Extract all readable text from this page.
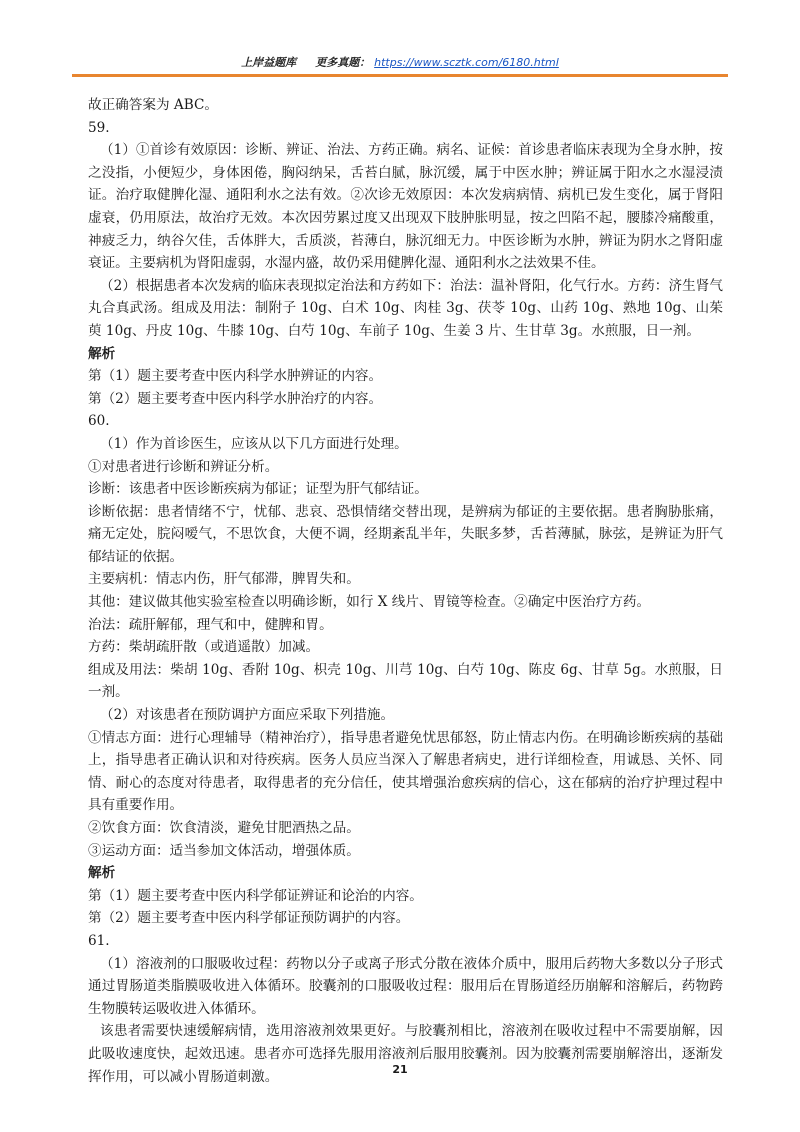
上岸益题库 更多真题： https://www.scztk.com/6180.html

故正确答案为 ABC。

59.

（1）①首诊有效原因：诊断、辨证、治法、方药正确。病名、证候：首诊患者临床表现为全身水肿，按之没指，小便短少，身体困倦，胸闷纳呆，舌苔白腻，脉沉缓，属于中医水肿；辨证属于阳水之水湿浸渍证。治疗取健脾化湿、通阳利水之法有效。②次诊无效原因：本次发病病情、病机已发生变化，属于肾阳虚衰，仍用原法，故治疗无效。本次因劳累过度又出现双下肢肿胀明显，按之凹陷不起，腰膝冷痛酸重，神疲乏力，纳谷欠佳，舌体胖大，舌质淡，苔薄白，脉沉细无力。中医诊断为水肿，辨证为阴水之肾阳虚衰证。主要病机为肾阳虚弱，水湿内盛，故仍采用健脾化湿、通阳利水之法效果不佳。

（2）根据患者本次发病的临床表现拟定治法和方药如下：治法：温补肾阳，化气行水。方药：济生肾气丸合真武汤。组成及用法：制附子 10g、白术 10g、肉桂 3g、茯苓 10g、山药 10g、熟地 10g、山茱萸 10g、丹皮 10g、牛膝 10g、白芍 10g、车前子 10g、生姜 3 片、生甘草 3g。水煎服，日一剂。

解析

第（1）题主要考查中医内科学水肿辨证的内容。

第（2）题主要考查中医内科学水肿治疗的内容。

60.

（1）作为首诊医生，应该从以下几方面进行处理。

①对患者进行诊断和辨证分析。

诊断：该患者中医诊断疾病为郁证；证型为肝气郁结证。

诊断依据：患者情绪不宁，忧郁、悲哀、恐惧情绪交替出现，是辨病为郁证的主要依据。患者胸胁胀痛，痛无定处，脘闷嗳气，不思饮食，大便不调，经期紊乱半年，失眠多梦，舌苔薄腻，脉弦，是辨证为肝气郁结证的依据。

主要病机：情志内伤，肝气郁滞，脾胃失和。

其他：建议做其他实验室检查以明确诊断，如行 X 线片、胃镜等检查。②确定中医治疗方药。

治法：疏肝解郁，理气和中，健脾和胃。

方药：柴胡疏肝散（或逍遥散）加减。

组成及用法：柴胡 10g、香附 10g、枳壳 10g、川芎 10g、白芍 10g、陈皮 6g、甘草 5g。水煎服，日一剂。

（2）对该患者在预防调护方面应采取下列措施。

①情志方面：进行心理辅导（精神治疗），指导患者避免忧思郁怒，防止情志内伤。在明确诊断疾病的基础上，指导患者正确认识和对待疾病。医务人员应当深入了解患者病史，进行详细检查，用诚恳、关怀、同情、耐心的态度对待患者，取得患者的充分信任，使其增强治愈疾病的信心，这在郁病的治疗护理过程中具有重要作用。

②饮食方面：饮食清淡，避免甘肥酒热之品。

③运动方面：适当参加文体活动，增强体质。

解析

第（1）题主要考查中医内科学郁证辨证和论治的内容。

第（2）题主要考查中医内科学郁证预防调护的内容。

61.

（1）溶液剂的口服吸收过程：药物以分子或离子形式分散在液体介质中，服用后药物大多数以分子形式通过胃肠道类脂膜吸收进入体循环。胶囊剂的口服吸收过程：服用后在胃肠道经历崩解和溶解后，药物跨生物膜转运吸收进入体循环。

该患者需要快速缓解病情，选用溶液剂效果更好。与胶囊剂相比，溶液剂在吸收过程中不需要崩解，因此吸收速度快，起效迅速。患者亦可选择先服用溶液剂后服用胶囊剂。因为胶囊剂需要崩解溶出，逐渐发挥作用，可以减小胃肠道刺激。	21
